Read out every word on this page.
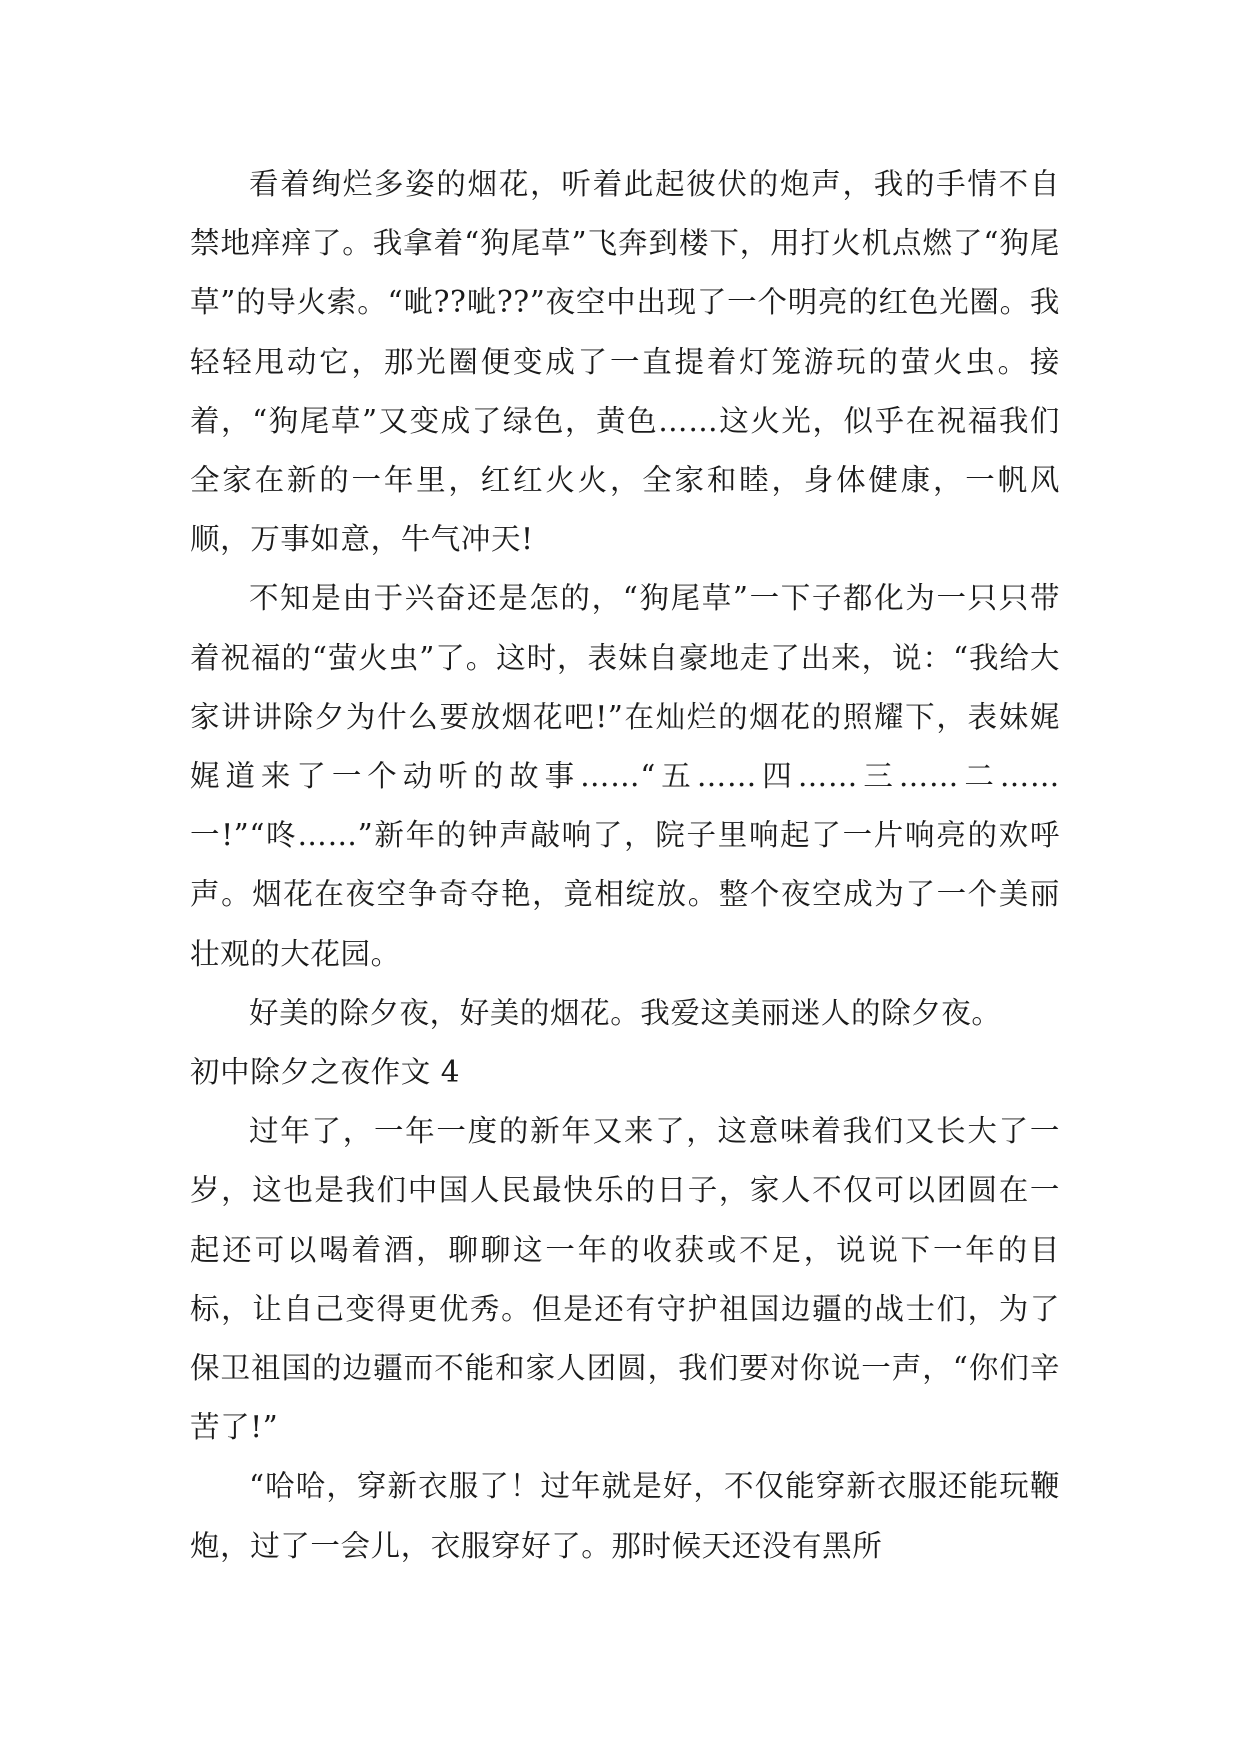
看着绚烂多姿的烟花，听着此起彼伏的炮声，我的手情不自禁地痒痒了。我拿着“狗尾草”飞奔到楼下，用打火机点燃了“狗尾草”的导火索。“呲??呲??”夜空中出现了一个明亮的红色光圈。我轻轻甩动它，那光圈便变成了一直提着灯笼游玩的萤火虫。接着，“狗尾草”又变成了绿色，黄色……这火光，似乎在祝福我们全家在新的一年里，红红火火，全家和睦，身体健康，一帆风顺，万事如意，牛气冲天!

不知是由于兴奋还是怎的，“狗尾草”一下子都化为一只只带着祝福的“萤火虫”了。这时，表妹自豪地走了出来，说：“我给大家讲讲除夕为什么要放烟花吧!”在灿烂的烟花的照耀下，表妹娓娓道来了一个动听的故事……“五……四……三……二……一!”“咚……”新年的钟声敲响了，院子里响起了一片响亮的欢呼声。烟花在夜空争奇夺艳，竟相绽放。整个夜空成为了一个美丽壮观的大花园。

好美的除夕夜，好美的烟花。我爱这美丽迷人的除夕夜。

初中除夕之夜作文 4

过年了，一年一度的新年又来了，这意味着我们又长大了一岁，这也是我们中国人民最快乐的日子，家人不仅可以团圆在一起还可以喝着酒，聊聊这一年的收获或不足，说说下一年的目标，让自己变得更优秀。但是还有守护祖国边疆的战士们，为了保卫祖国的边疆而不能和家人团圆，我们要对你说一声，“你们辛苦了!”

“哈哈，穿新衣服了！过年就是好，不仅能穿新衣服还能玩鞭炮，过了一会儿，衣服穿好了。那时候天还没有黑所
